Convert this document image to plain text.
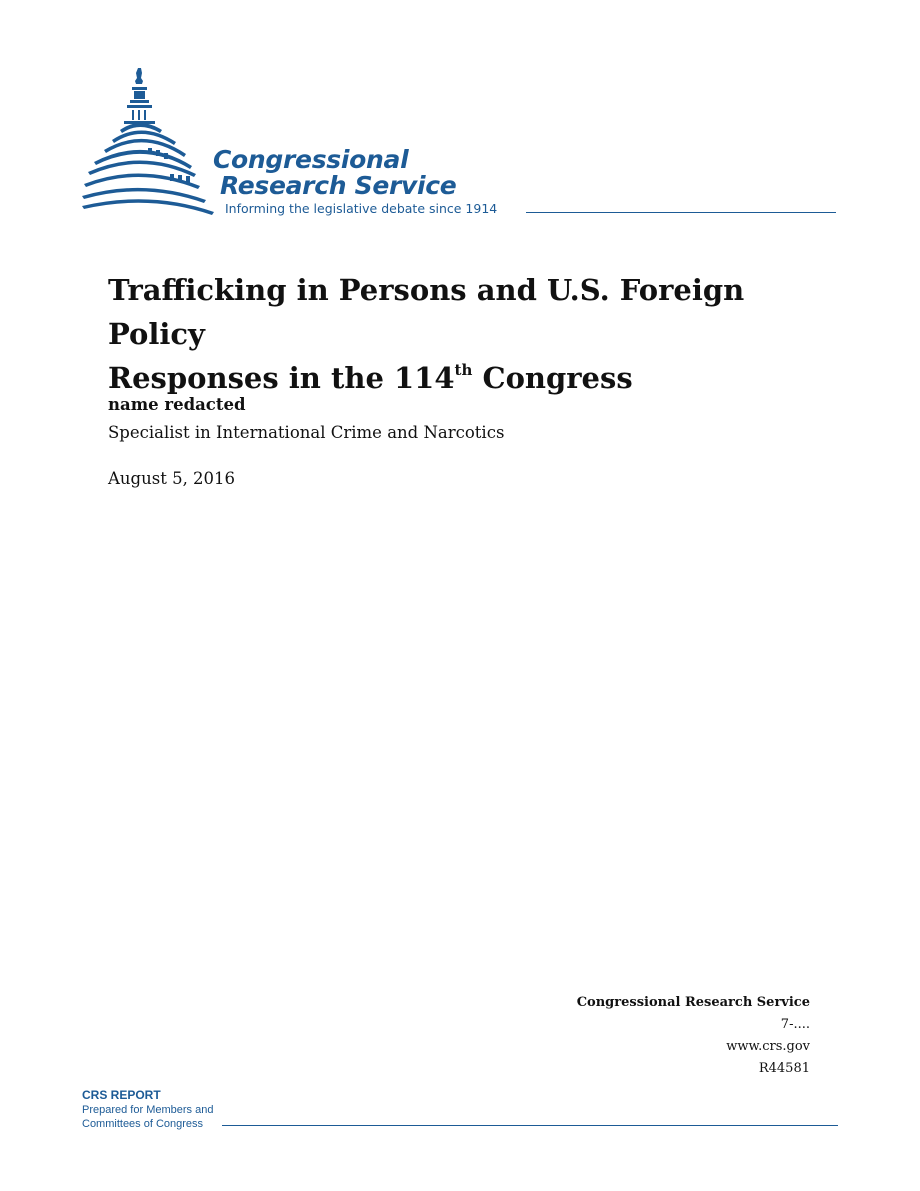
Congressional
Research Service
Informing the legislative debate since 1914
Trafficking in Persons and U.S. Foreign Policy
Responses in the 114th Congress
name redacted
Specialist in International Crime and Narcotics
August 5, 2016
Congressional Research Service
7-....
www.crs.gov
R44581
CRS REPORT
Prepared for Members and
Committees of Congress
